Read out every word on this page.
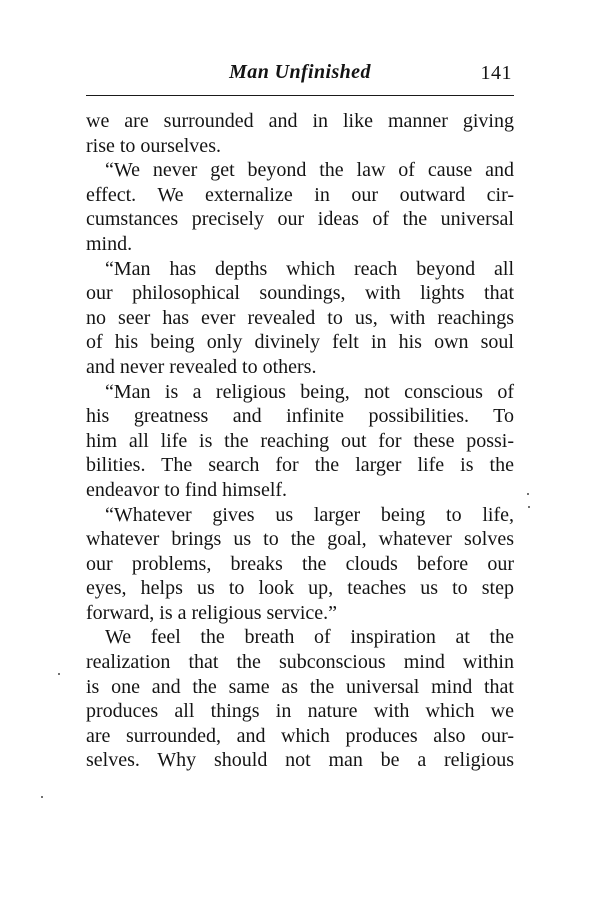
Man Unfinished	141
we are surrounded and in like manner giving
rise to ourselves.
“We never get beyond the law of cause and
effect. We externalize in our outward cir-
cumstances precisely our ideas of the universal
mind.
“Man has depths which reach beyond all
our philosophical soundings, with lights that
no seer has ever revealed to us, with reachings
of his being only divinely felt in his own soul
and never revealed to others.
“Man is a religious being, not conscious of
his greatness and infinite possibilities. To
him all life is the reaching out for these possi-
bilities. The search for the larger life is the
endeavor to find himself.
“Whatever gives us larger being to life,
whatever brings us to the goal, whatever solves
our problems, breaks the clouds before our
eyes, helps us to look up, teaches us to step
forward, is a religious service.”
We feel the breath of inspiration at the
realization that the subconscious mind within
is one and the same as the universal mind that
produces all things in nature with which we
are surrounded, and which produces also our-
selves. Why should not man be a religious
